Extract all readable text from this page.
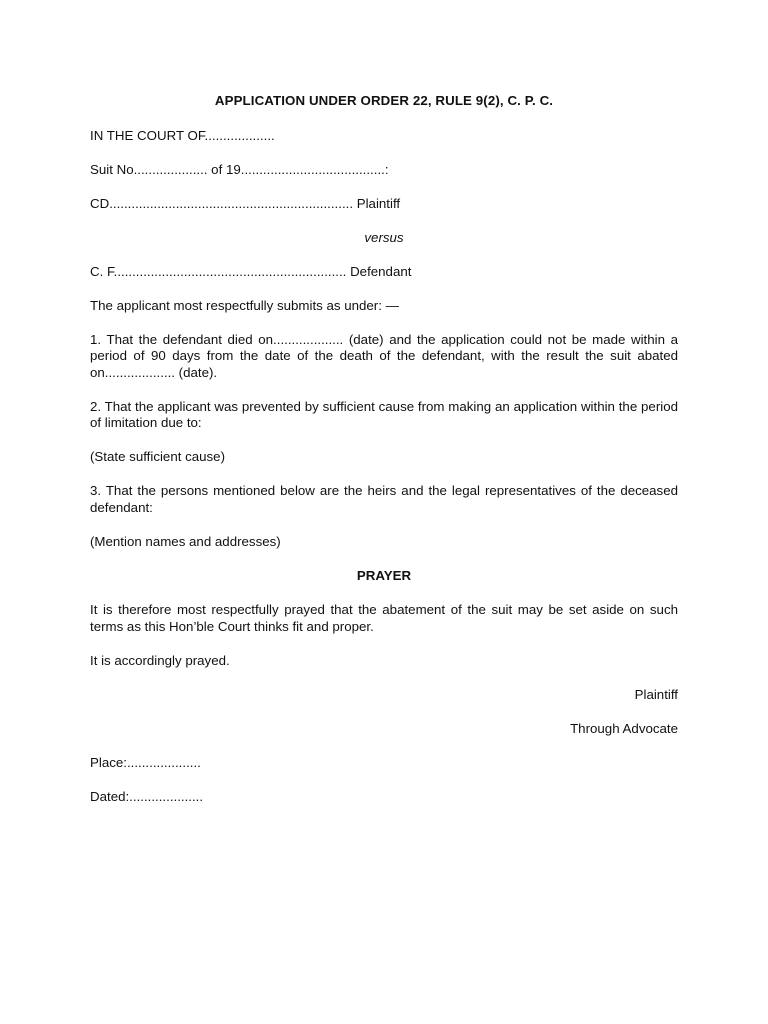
APPLICATION UNDER ORDER 22, RULE 9(2), C. P. C.
IN THE COURT OF...................
Suit No.................... of 19.......................................:
CD.................................................................. Plaintiff
versus
C. F............................................................... Defendant
The applicant most respectfully submits as under: —
1. That the defendant died on................... (date) and the application could not be made within a period of 90 days from the date of the death of the defendant, with the result the suit abated on................... (date).
2. That the applicant was prevented by sufficient cause from making an application within the period of limitation due to:
(State sufficient cause)
3. That the persons mentioned below are the heirs and the legal representatives of the deceased defendant:
(Mention names and addresses)
PRAYER
It is therefore most respectfully prayed that the abatement of the suit may be set aside on such terms as this Hon’ble Court thinks fit and proper.
It is accordingly prayed.
Plaintiff
Through Advocate
Place:....................
Dated:....................
